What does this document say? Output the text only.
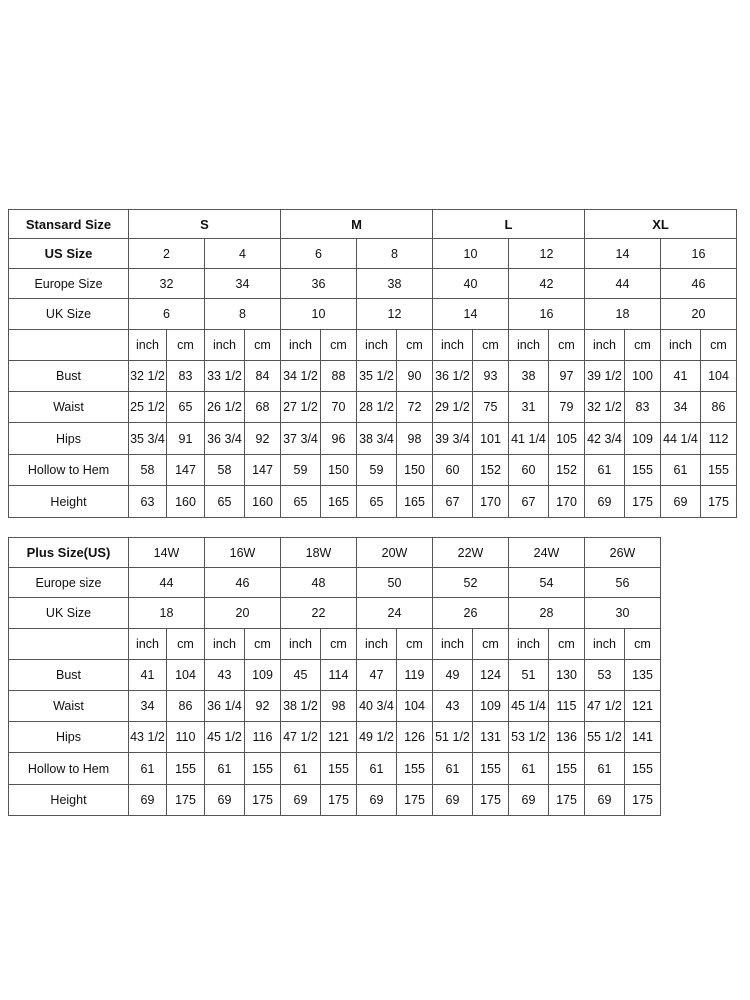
Stansard Size	S				M				L				XL			
US Size	2		4		6		8		10		12		14		16	
Europe Size	32		34		36		38		40		42		44		46	
UK Size	6		8		10		12		14		16		18		20	
	inch	cm	inch	cm	inch	cm	inch	cm	inch	cm	inch	cm	inch	cm	inch	cm
Bust	32 1/2	83	33 1/2	84	34 1/2	88	35 1/2	90	36 1/2	93	38	97	39 1/2	100	41	104
Waist	25 1/2	65	26 1/2	68	27 1/2	70	28 1/2	72	29 1/2	75	31	79	32 1/2	83	34	86
Hips	35 3/4	91	36 3/4	92	37 3/4	96	38 3/4	98	39 3/4	101	41 1/4	105	42 3/4	109	44 1/4	112
Hollow to Hem	58	147	58	147	59	150	59	150	60	152	60	152	61	155	61	155
Height	63	160	65	160	65	165	65	165	67	170	67	170	69	175	69	175
Plus Size(US)	14W		16W		18W		20W		22W		24W		26W		
Europe size	44		46		48		50		52		54		56		
UK Size	18		20		22		24		26		28		30		
	inch	cm	inch	cm	inch	cm	inch	cm	inch	cm	inch	cm	inch	cm	
Bust	41	104	43	109	45	114	47	119	49	124	51	130	53	135	
Waist	34	86	36 1/4	92	38 1/2	98	40 3/4	104	43	109	45 1/4	115	47 1/2	121	
Hips	43 1/2	110	45 1/2	116	47 1/2	121	49 1/2	126	51 1/2	131	53 1/2	136	55 1/2	141	
Hollow to Hem	61	155	61	155	61	155	61	155	61	155	61	155	61	155	
Height	69	175	69	175	69	175	69	175	69	175	69	175	69	175	
